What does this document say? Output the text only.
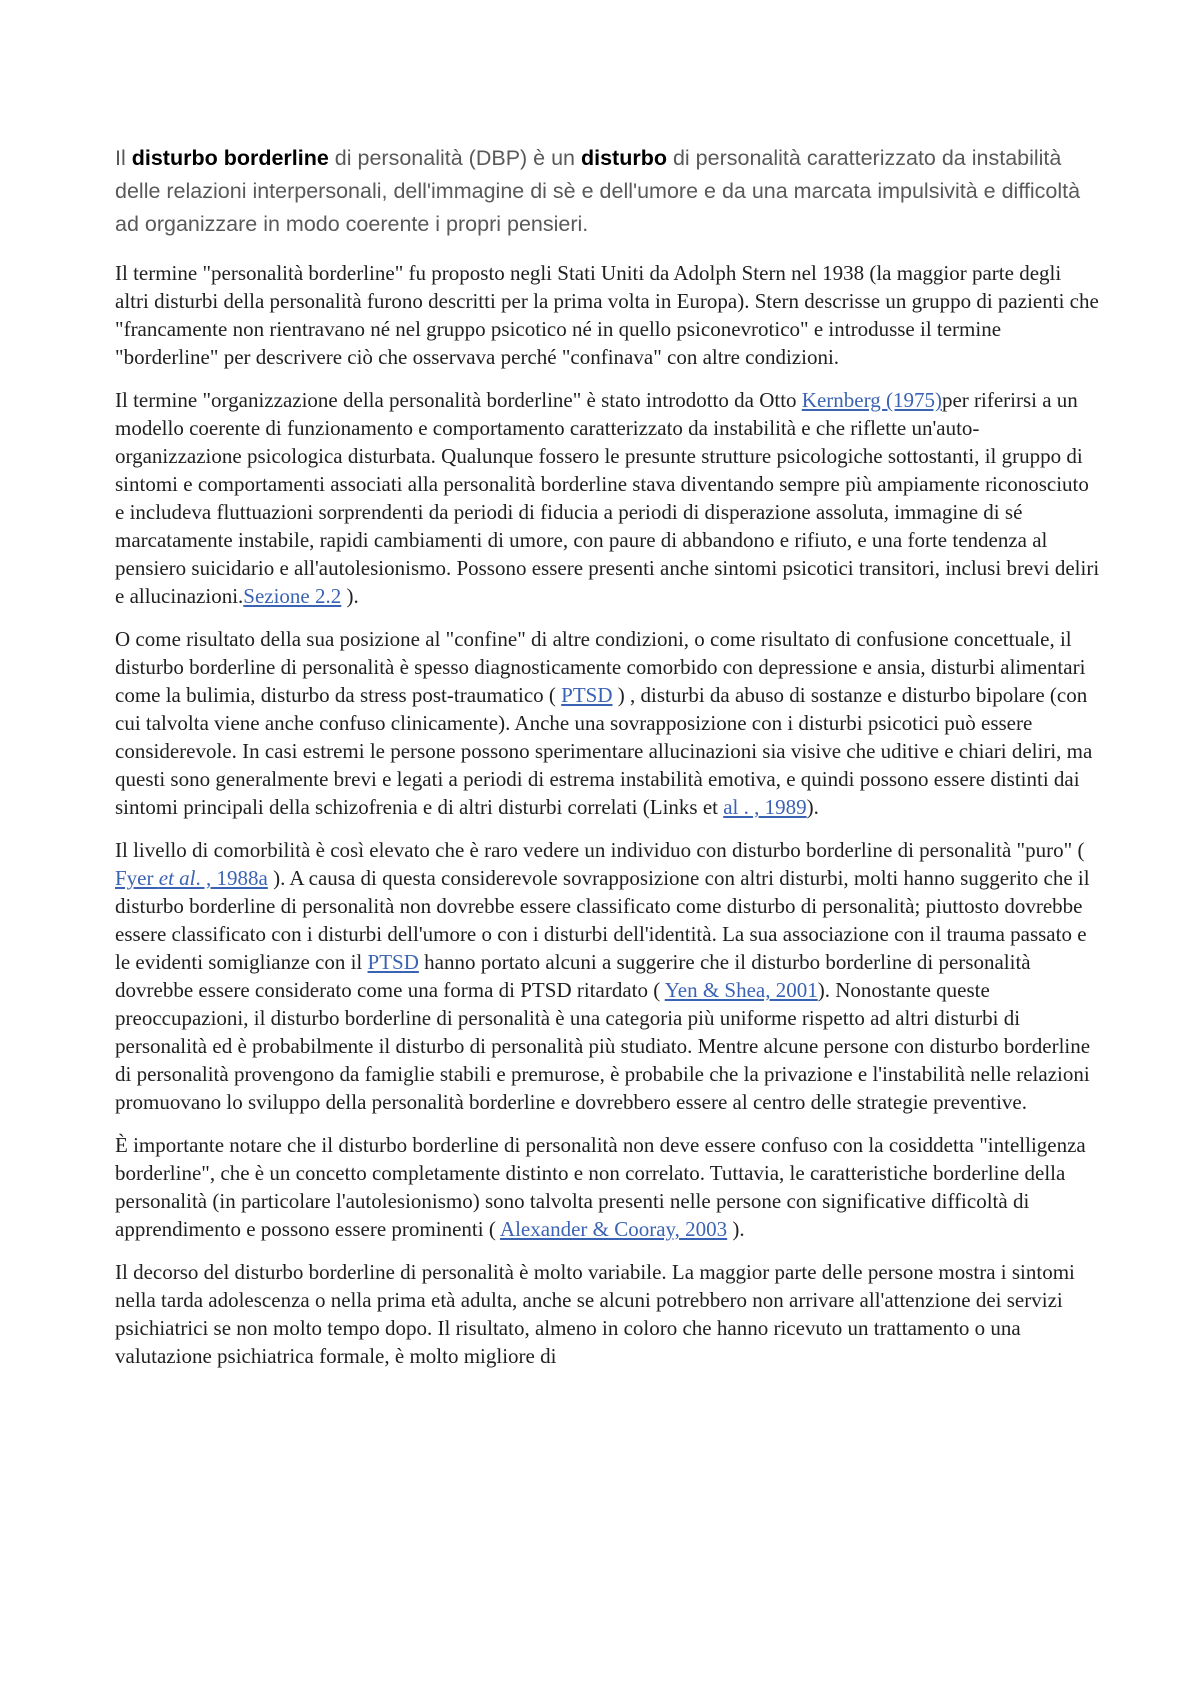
Il disturbo borderline di personalità (DBP) è un disturbo di personalità caratterizzato da instabilità delle relazioni interpersonali, dell'immagine di sè e dell'umore e da una marcata impulsività e difficoltà ad organizzare in modo coerente i propri pensieri.

Il termine "personalità borderline" fu proposto negli Stati Uniti da Adolph Stern nel 1938 (la maggior parte degli altri disturbi della personalità furono descritti per la prima volta in Europa). Stern descrisse un gruppo di pazienti che "francamente non rientravano né nel gruppo psicotico né in quello psiconevrotico" e introdusse il termine "borderline" per descrivere ciò che osservava perché "confinava" con altre condizioni.

Il termine "organizzazione della personalità borderline" è stato introdotto da Otto Kernberg (1975)per riferirsi a un modello coerente di funzionamento e comportamento caratterizzato da instabilità e che riflette un'auto-organizzazione psicologica disturbata. Qualunque fossero le presunte strutture psicologiche sottostanti, il gruppo di sintomi e comportamenti associati alla personalità borderline stava diventando sempre più ampiamente riconosciuto e includeva fluttuazioni sorprendenti da periodi di fiducia a periodi di disperazione assoluta, immagine di sé marcatamente instabile, rapidi cambiamenti di umore, con paure di abbandono e rifiuto, e una forte tendenza al pensiero suicidario e all'autolesionismo. Possono essere presenti anche sintomi psicotici transitori, inclusi brevi deliri e allucinazioni.Sezione 2.2 ).

O come risultato della sua posizione al "confine" di altre condizioni, o come risultato di confusione concettuale, il disturbo borderline di personalità è spesso diagnosticamente comorbido con depressione e ansia, disturbi alimentari come la bulimia, disturbo da stress post-traumatico ( PTSD ) , disturbi da abuso di sostanze e disturbo bipolare (con cui talvolta viene anche confuso clinicamente). Anche una sovrapposizione con i disturbi psicotici può essere considerevole. In casi estremi le persone possono sperimentare allucinazioni sia visive che uditive e chiari deliri, ma questi sono generalmente brevi e legati a periodi di estrema instabilità emotiva, e quindi possono essere distinti dai sintomi principali della schizofrenia e di altri disturbi correlati (Links et al . , 1989).

Il livello di comorbilità è così elevato che è raro vedere un individuo con disturbo borderline di personalità "puro" ( Fyer et al. , 1988a ). A causa di questa considerevole sovrapposizione con altri disturbi, molti hanno suggerito che il disturbo borderline di personalità non dovrebbe essere classificato come disturbo di personalità; piuttosto dovrebbe essere classificato con i disturbi dell'umore o con i disturbi dell'identità. La sua associazione con il trauma passato e le evidenti somiglianze con il PTSD hanno portato alcuni a suggerire che il disturbo borderline di personalità dovrebbe essere considerato come una forma di PTSD ritardato ( Yen & Shea, 2001). Nonostante queste preoccupazioni, il disturbo borderline di personalità è una categoria più uniforme rispetto ad altri disturbi di personalità ed è probabilmente il disturbo di personalità più studiato. Mentre alcune persone con disturbo borderline di personalità provengono da famiglie stabili e premurose, è probabile che la privazione e l'instabilità nelle relazioni promuovano lo sviluppo della personalità borderline e dovrebbero essere al centro delle strategie preventive.

È importante notare che il disturbo borderline di personalità non deve essere confuso con la cosiddetta "intelligenza borderline", che è un concetto completamente distinto e non correlato. Tuttavia, le caratteristiche borderline della personalità (in particolare l'autolesionismo) sono talvolta presenti nelle persone con significative difficoltà di apprendimento e possono essere prominenti ( Alexander & Cooray, 2003 ).

Il decorso del disturbo borderline di personalità è molto variabile. La maggior parte delle persone mostra i sintomi nella tarda adolescenza o nella prima età adulta, anche se alcuni potrebbero non arrivare all'attenzione dei servizi psichiatrici se non molto tempo dopo. Il risultato, almeno in coloro che hanno ricevuto un trattamento o una valutazione psichiatrica formale, è molto migliore di
